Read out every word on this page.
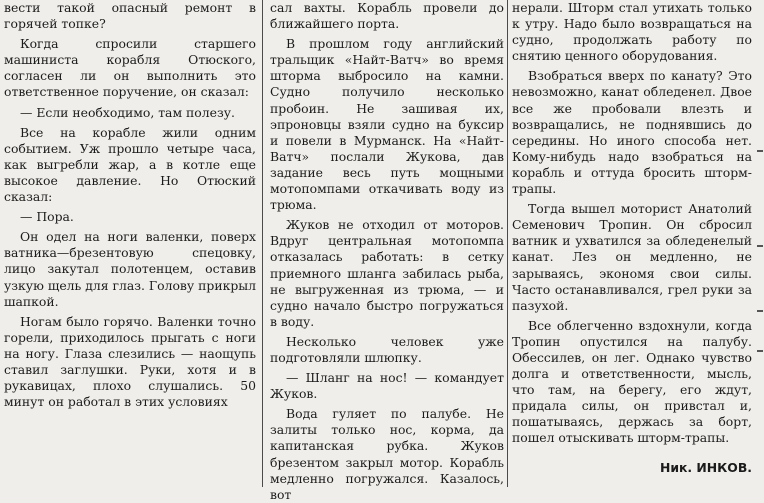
вести такой опасный ремонт в горячей топке?

Когда спросили старшего машиниста корабля Отюского, согласен ли он выполнить это ответственное поручение, он сказал:

— Если необходимо, там полезу.

Все на корабле жили одним событием. Уж прошло четыре часа, как выгребли жар, а в котле еще высокое давление. Но Отюский сказал:

— Пора.

Он одел на ноги валенки, поверх ватника—брезентовую спецовку, лицо закутал полотенцем, оставив узкую щель для глаз. Голову прикрыл шапкой.

Ногам было горячо. Валенки точно горели, приходилось прыгать с ноги на ногу. Глаза слезились — наощупь ставил заглушки. Руки, хотя и в рукавицах, плохо слушались. 50 минут он работал в этих условиях

сал вахты. Корабль провели до ближайшего порта.

В прошлом году английский тральщик «Найт-Ватч» во время шторма выбросило на камни. Судно получило несколько пробоин. Не зашивая их, эпроновцы взяли судно на буксир и повели в Мурманск. На «Найт-Ватч» послали Жукова, дав задание весь путь мощными мотопомпами откачивать воду из трюма.

Жуков не отходил от моторов. Вдруг центральная мотопомпа отказалась работать: в сетку приемного шланга забилась рыба, не выгруженная из трюма, — и судно начало быстро погружаться в воду.

Несколько человек уже подготовляли шлюпку.

— Шланг на нос! — командует Жуков.

Вода гуляет по палубе. Не залиты только нос, корма, да капитанская рубка. Жуков брезентом закрыл мотор. Корабль медленно погружался. Казалось, вот

нерали. Шторм стал утихать только к утру. Надо было возвращаться на судно, продолжать работу по снятию ценного оборудования.

Взобраться вверх по канату? Это невозможно, канат обледенел. Двое все же пробовали влезть и возвращались, не поднявшись до середины. Но иного способа нет. Кому-нибудь надо взобраться на корабль и оттуда бросить шторм-трапы.

Тогда вышел моторист Анатолий Семенович Тропин. Он сбросил ватник и ухватился за обледенелый канат. Лез он медленно, не зарываясь, экономя свои силы. Часто останавливался, грел руки за пазухой.

Все облегченно вздохнули, когда Тропин опустился на палубу. Обессилев, он лег. Однако чувство долга и ответственности, мысль, что там, на берегу, его ждут, придала силы, он привстал и, пошатываясь, держась за борт, пошел отыскивать шторм-трапы.

Ник. ИНКОВ.
